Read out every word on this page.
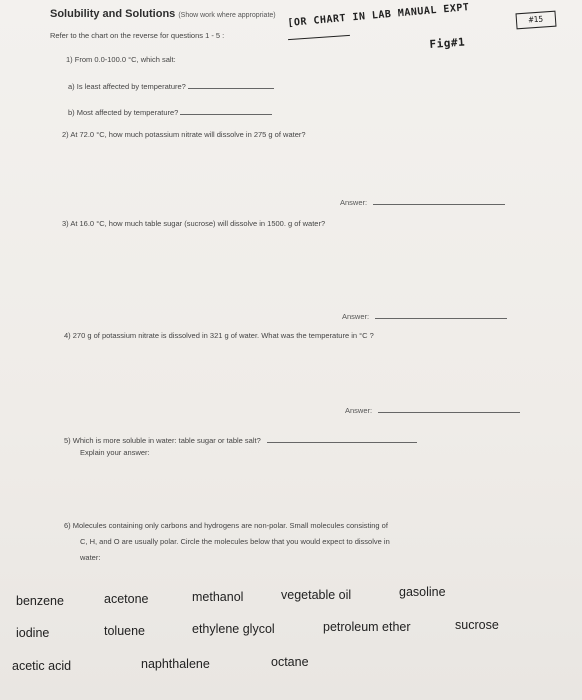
Solubility and Solutions (Show work where appropriate)
Refer to the chart on the reverse for questions 1 - 5 :
[OR CHART IN LAB MANUAL EXPT	#15
Fig#1
1) From 0.0-100.0 °C, which salt:
a) Is least affected by temperature?
b) Most affected by temperature?
2) At 72.0 °C, how much potassium nitrate will dissolve in 275 g of water?
Answer:
3) At 16.0 °C, how much table sugar (sucrose) will dissolve in 1500. g of water?
Answer:
4) 270 g of potassium nitrate is dissolved in 321 g of water. What was the temperature in °C ?
Answer:
5) Which is more soluble in water: table sugar or table salt?
Explain your answer:
6) Molecules containing only carbons and hydrogens are non-polar. Small molecules consisting of
C, H, and O are usually polar. Circle the molecules below that you would expect to dissolve in
water:
benzene	acetone	methanol	vegetable oil	gasoline
iodine	toluene	ethylene glycol	petroleum ether	sucrose
acetic acid	naphthalene	octane
